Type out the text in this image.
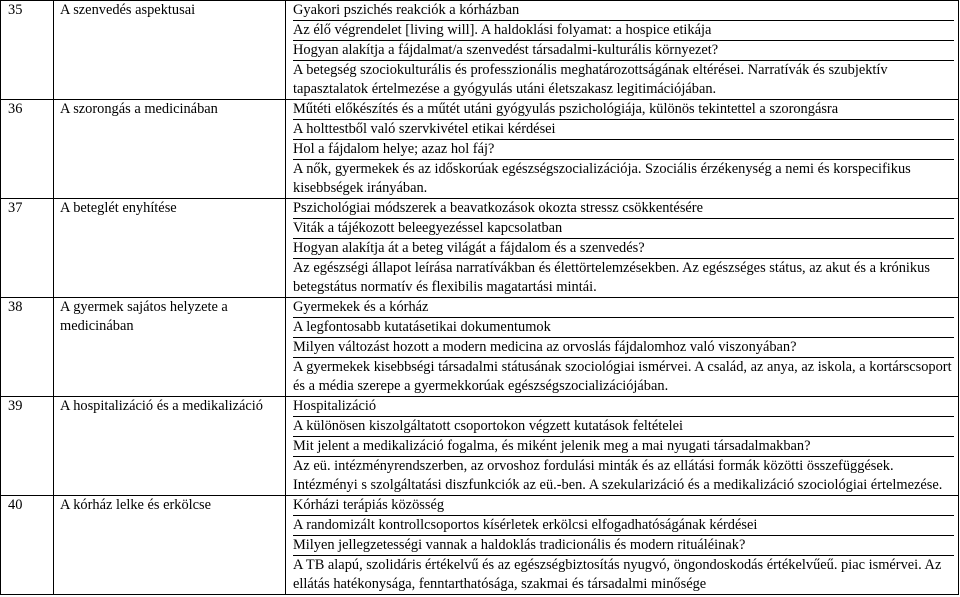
35	A szenvedés aspektusai	Gyakori pszichés reakciók a kórházban
Az élő végrendelet [living will]. A haldoklási folyamat: a hospice etikája
Hogyan alakítja a fájdalmat/a szenvedést társadalmi-kulturális környezet?
A betegség szociokulturális és professzionális meghatározottságának eltérései. Narratívák és szubjektív tapasztalatok értelmezése a gyógyulás utáni életszakasz legitimációjában.

36	A szorongás a medicinában	Műtéti előkészítés és a műtét utáni gyógyulás pszichológiája, különös tekintettel a szorongásra
A holttestből való szervkivétel etikai kérdései
Hol a fájdalom helye; azaz hol fáj?
A nők, gyermekek és az időskorúak egészségszocializációja. Szociális érzékenység a nemi és korspecifikus kisebbségek irányában.

37	A beteglét enyhítése	Pszichológiai módszerek a beavatkozások okozta stressz csökkentésére
Viták a tájékozott beleegyezéssel kapcsolatban
Hogyan alakítja át a beteg világát a fájdalom és a szenvedés?
Az egészségi állapot leírása narratívákban és élettörtelemzésekben. Az egészséges státus, az akut és a krónikus betegstátus normatív és flexibilis magatartási mintái.

38	A gyermek sajátos helyzete a medicinában	Gyermekek és a kórház
A legfontosabb kutatásetikai dokumentumok
Milyen változást hozott a modern medicina az orvoslás fájdalomhoz való viszonyában?
A gyermekek kisebbségi társadalmi státusának szociológiai ismérvei. A család, az anya, az iskola, a kortárscsoport és a média szerepe a gyermekkorúak egészségszocializációjában.

39	A hospitalizáció és a medikalizáció	Hospitalizáció
A különösen kiszolgáltatott csoportokon végzett kutatások feltételei
Mit jelent a medikalizáció fogalma, és miként jelenik meg a mai nyugati társadalmakban?
Az eü. intézményrendszerben, az orvoshoz fordulási minták és az ellátási formák közötti összefüggések. Intézményi s szolgáltatási diszfunkciók az eü.-ben. A szekularizáció és a medikalizáció szociológiai értelmezése.

40	A kórház lelke és erkölcse	Kórházi terápiás közösség
A randomizált kontrollcsoportos kísérletek erkölcsi elfogadhatóságának kérdései
Milyen jellegzetességi vannak a haldoklás tradicionális és modern rituáléinak?
A TB alapú, szolidáris értékelvű és az egészségbiztosítás nyugvó, öngondoskodás értékelvűeű. piac ismérvei. Az ellátás hatékonysága, fenntarthatósága, szakmai és társadalmi minősége
